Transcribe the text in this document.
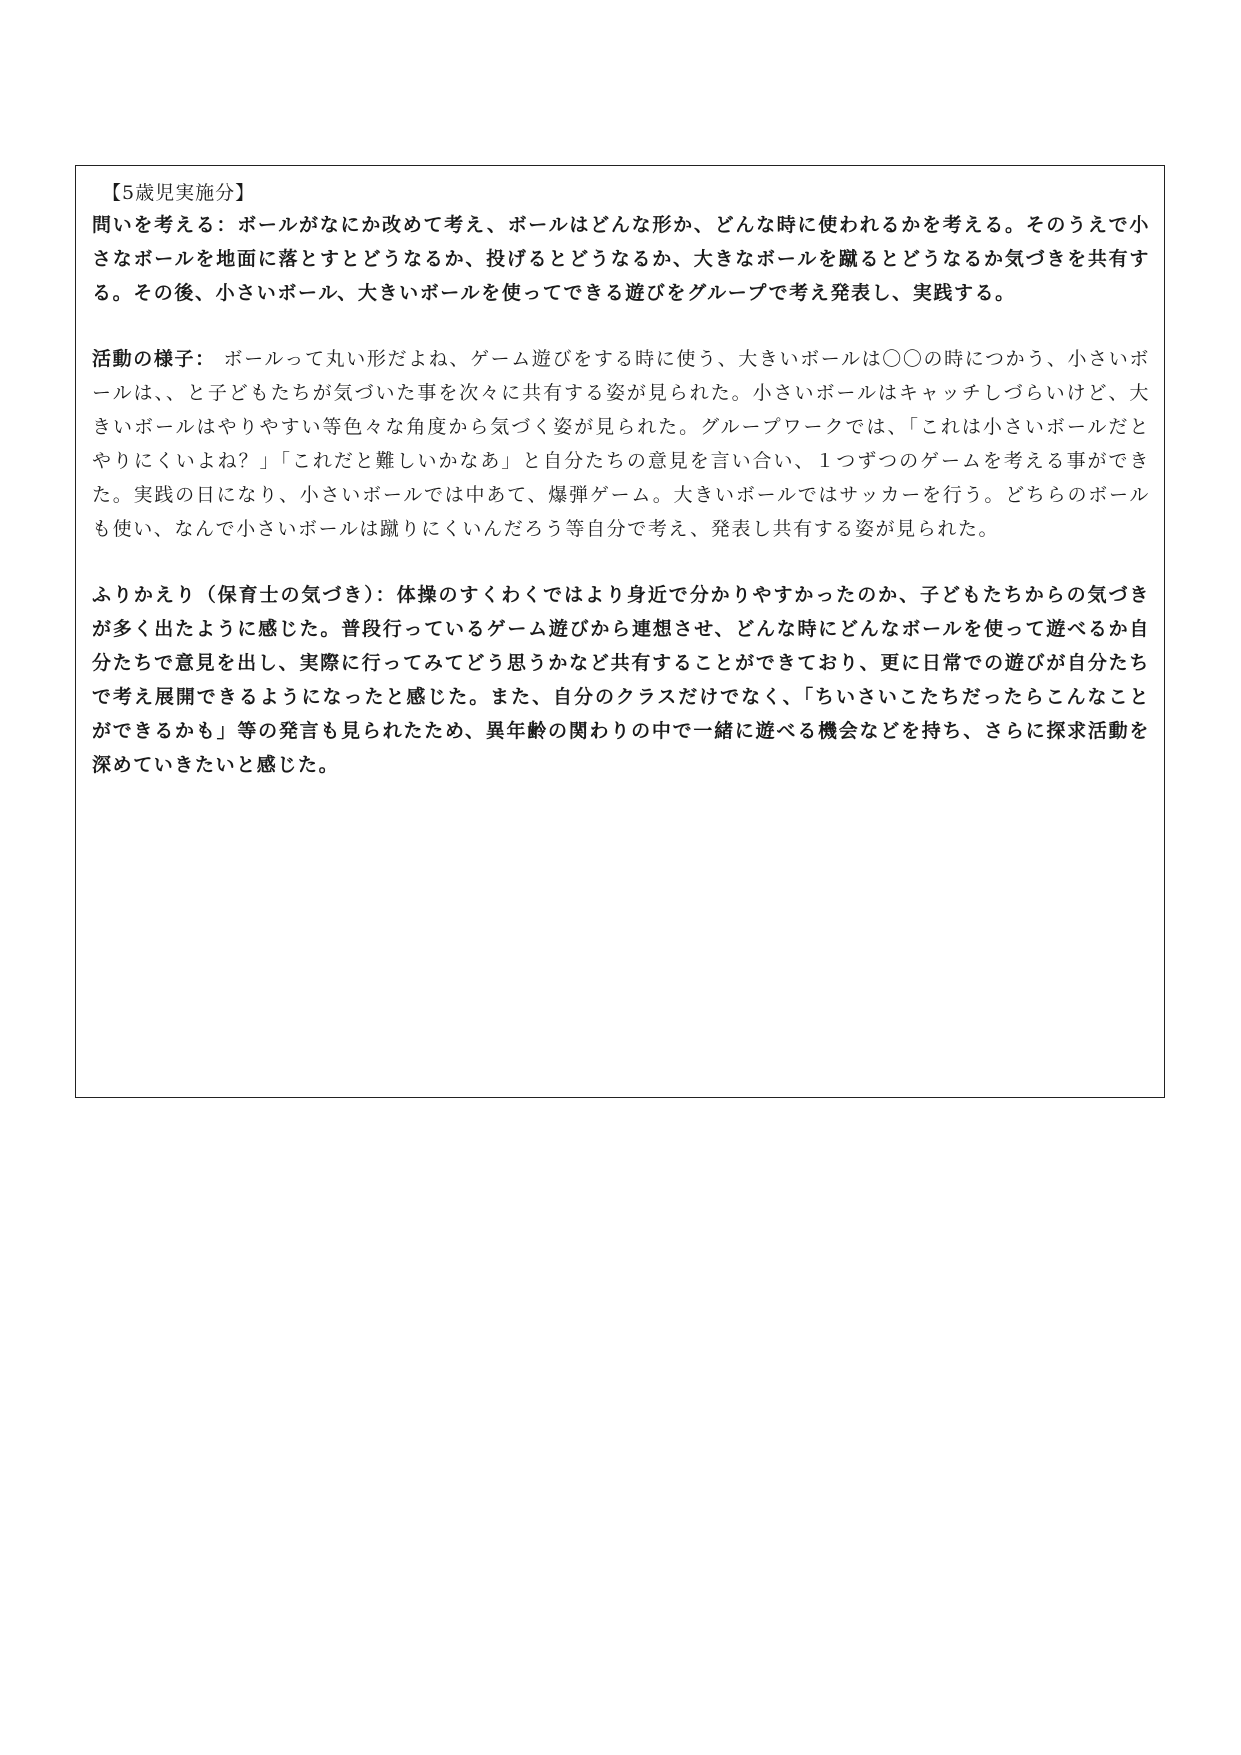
【5歳児実施分】

問いを考える：ボールがなにか改めて考え、ボールはどんな形か、どんな時に使われるかを考える。そのうえで小さなボールを地面に落とすとどうなるか、投げるとどうなるか、大きなボールを蹴るとどうなるか気づきを共有する。その後、小さいボール、大きいボールを使ってできる遊びをグループで考え発表し、実践する。

活動の様子： ボールって丸い形だよね、ゲーム遊びをする時に使う、大きいボールは〇〇の時につかう、小さいボールは、、と子どもたちが気づいた事を次々に共有する姿が見られた。小さいボールはキャッチしづらいけど、大きいボールはやりやすい等色々な角度から気づく姿が見られた。グループワークでは、「これは小さいボールだとやりにくいよね？」「これだと難しいかなあ」と自分たちの意見を言い合い、１つずつのゲームを考える事ができた。実践の日になり、小さいボールでは中あて、爆弾ゲーム。大きいボールではサッカーを行う。どちらのボールも使い、なんで小さいボールは蹴りにくいんだろう等自分で考え、発表し共有する姿が見られた。

ふりかえり（保育士の気づき）：体操のすくわくではより身近で分かりやすかったのか、子どもたちからの気づきが多く出たように感じた。普段行っているゲーム遊びから連想させ、どんな時にどんなボールを使って遊べるか自分たちで意見を出し、実際に行ってみてどう思うかなど共有することができており、更に日常での遊びが自分たちで考え展開できるようになったと感じた。また、自分のクラスだけでなく、「ちいさいこたちだったらこんなことができるかも」等の発言も見られたため、異年齢の関わりの中で一緒に遊べる機会などを持ち、さらに探求活動を深めていきたいと感じた。
